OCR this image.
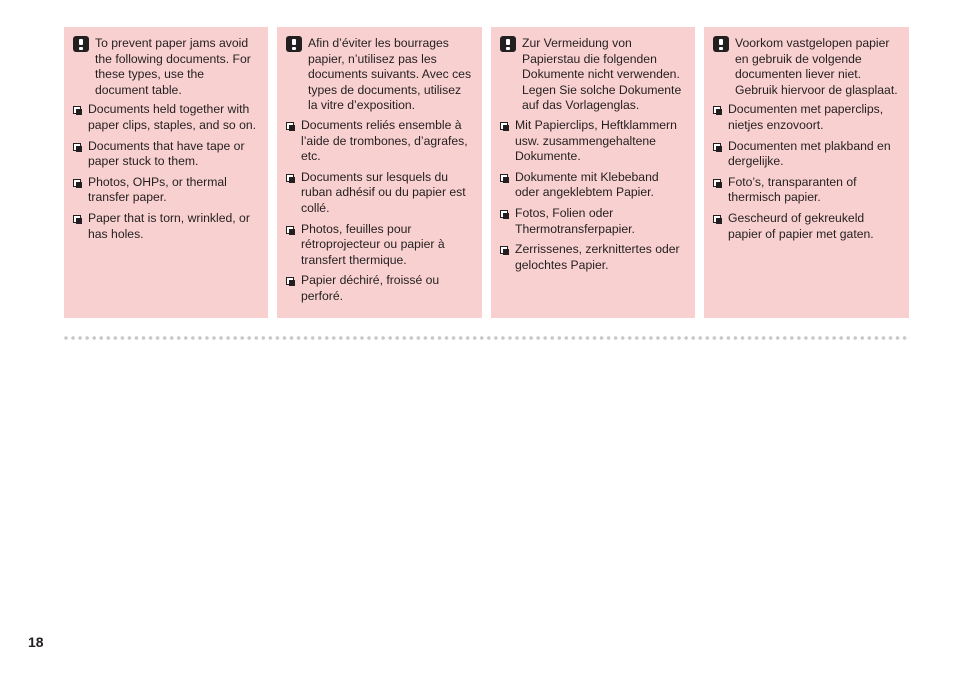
To prevent paper jams avoid the following documents. For these types, use the document table.
Documents held together with paper clips, staples, and so on.
Documents that have tape or paper stuck to them.
Photos, OHPs, or thermal transfer paper.
Paper that is torn, wrinkled, or has holes.
Afin d’éviter les bourrages papier, n’utilisez pas les documents suivants. Avec ces types de documents, utilisez la vitre d’exposition.
Documents reliés ensemble à l’aide de trombones, d’agrafes, etc.
Documents sur lesquels du ruban adhésif ou du papier est collé.
Photos, feuilles pour rétroprojecteur ou papier à transfert thermique.
Papier déchiré, froissé ou perforé.
Zur Vermeidung von Papierstau die folgenden Dokumente nicht verwenden. Legen Sie solche Dokumente auf das Vorlagenglas.
Mit Papierclips, Heftklammern usw. zusammengehaltene Dokumente.
Dokumente mit Klebeband oder angeklebtem Papier.
Fotos, Folien oder Thermotransferpapier.
Zerrissenes, zerknittertes oder gelochtes Papier.
Voorkom vastgelopen papier en gebruik de volgende documenten liever niet. Gebruik hiervoor de glasplaat.
Documenten met paperclips, nietjes enzovoort.
Documenten met plakband en dergelijke.
Foto’s, transparanten of thermisch papier.
Gescheurd of gekreukeld papier of papier met gaten.
18
